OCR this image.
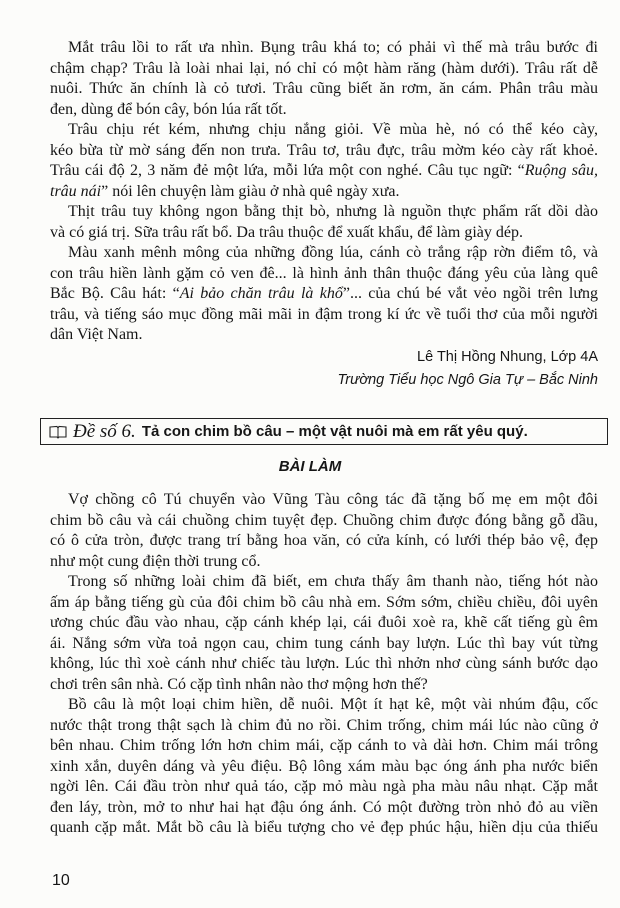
Mắt trâu lồi to rất ưa nhìn. Bụng trâu khá to; có phải vì thế mà trâu bước đi
chậm chạp? Trâu là loài nhai lại, nó chỉ có một hàm răng (hàm dưới). Trâu rất dễ
nuôi. Thức ăn chính là cỏ tươi. Trâu cũng biết ăn rơm, ăn cám. Phân trâu màu
đen, dùng để bón cây, bón lúa rất tốt.
Trâu chịu rét kém, nhưng chịu nắng giỏi. Về mùa hè, nó có thể kéo cày,
kéo bừa từ mờ sáng đến non trưa. Trâu tơ, trâu đực, trâu mờm kéo cày rất khoẻ.
Trâu cái độ 2, 3 năm đẻ một lứa, mỗi lứa một con nghé. Câu tục ngữ: “Ruộng sâu,
trâu nái” nói lên chuyện làm giàu ở nhà quê ngày xưa.
Thịt trâu tuy không ngon bằng thịt bò, nhưng là nguồn thực phẩm rất dồi dào
và có giá trị. Sữa trâu rất bổ. Da trâu thuộc để xuất khẩu, để làm giày dép.
Màu xanh mênh mông của những đồng lúa, cánh cò trắng rập rờn điểm tô, và
con trâu hiền lành gặm cỏ ven đê... là hình ảnh thân thuộc đáng yêu của làng quê
Bắc Bộ. Câu hát: “Ai bảo chăn trâu là khổ”... của chú bé vắt vẻo ngồi trên lưng
trâu, và tiếng sáo mục đồng mãi mãi in đậm trong kí ức về tuổi thơ của mỗi người
dân Việt Nam.
Lê Thị Hồng Nhung, Lớp 4A
Trường Tiểu học Ngô Gia Tự – Bắc Ninh
Đề số 6. Tả con chim bồ câu – một vật nuôi mà em rất yêu quý.
BÀI LÀM
Vợ chồng cô Tú chuyển vào Vũng Tàu công tác đã tặng bố mẹ em một đôi
chim bồ câu và cái chuồng chim tuyệt đẹp. Chuồng chim được đóng bằng gỗ dầu,
có ô cửa tròn, được trang trí bằng hoa văn, có cửa kính, có lưới thép bảo vệ, đẹp
như một cung điện thời trung cổ.
Trong số những loài chim đã biết, em chưa thấy âm thanh nào, tiếng hót nào
ấm áp bằng tiếng gù của đôi chim bồ câu nhà em. Sớm sớm, chiều chiều, đôi uyên
ương chúc đầu vào nhau, cặp cánh khép lại, cái đuôi xoè ra, khẽ cất tiếng gù êm
ái. Nắng sớm vừa toả ngọn cau, chim tung cánh bay lượn. Lúc thì bay vút từng
không, lúc thì xoè cánh như chiếc tàu lượn. Lúc thì nhởn nhơ cùng sánh bước dạo
chơi trên sân nhà. Có cặp tình nhân nào thơ mộng hơn thế?
Bồ câu là một loại chim hiền, dễ nuôi. Một ít hạt kê, một vài nhúm đậu, cốc
nước thật trong thật sạch là chim đủ no rồi. Chim trống, chim mái lúc nào cũng ở
bên nhau. Chim trống lớn hơn chim mái, cặp cánh to và dài hơn. Chim mái trông
xinh xắn, duyên dáng và yêu điệu. Bộ lông xám màu bạc óng ánh pha nước biển
ngời lên. Cái đầu tròn như quả táo, cặp mỏ màu ngà pha màu nâu nhạt. Cặp mắt
đen láy, tròn, mở to như hai hạt đậu óng ánh. Có một đường tròn nhỏ đỏ au viền
quanh cặp mắt. Mắt bồ câu là biểu tượng cho vẻ đẹp phúc hậu, hiền dịu của thiếu
10
